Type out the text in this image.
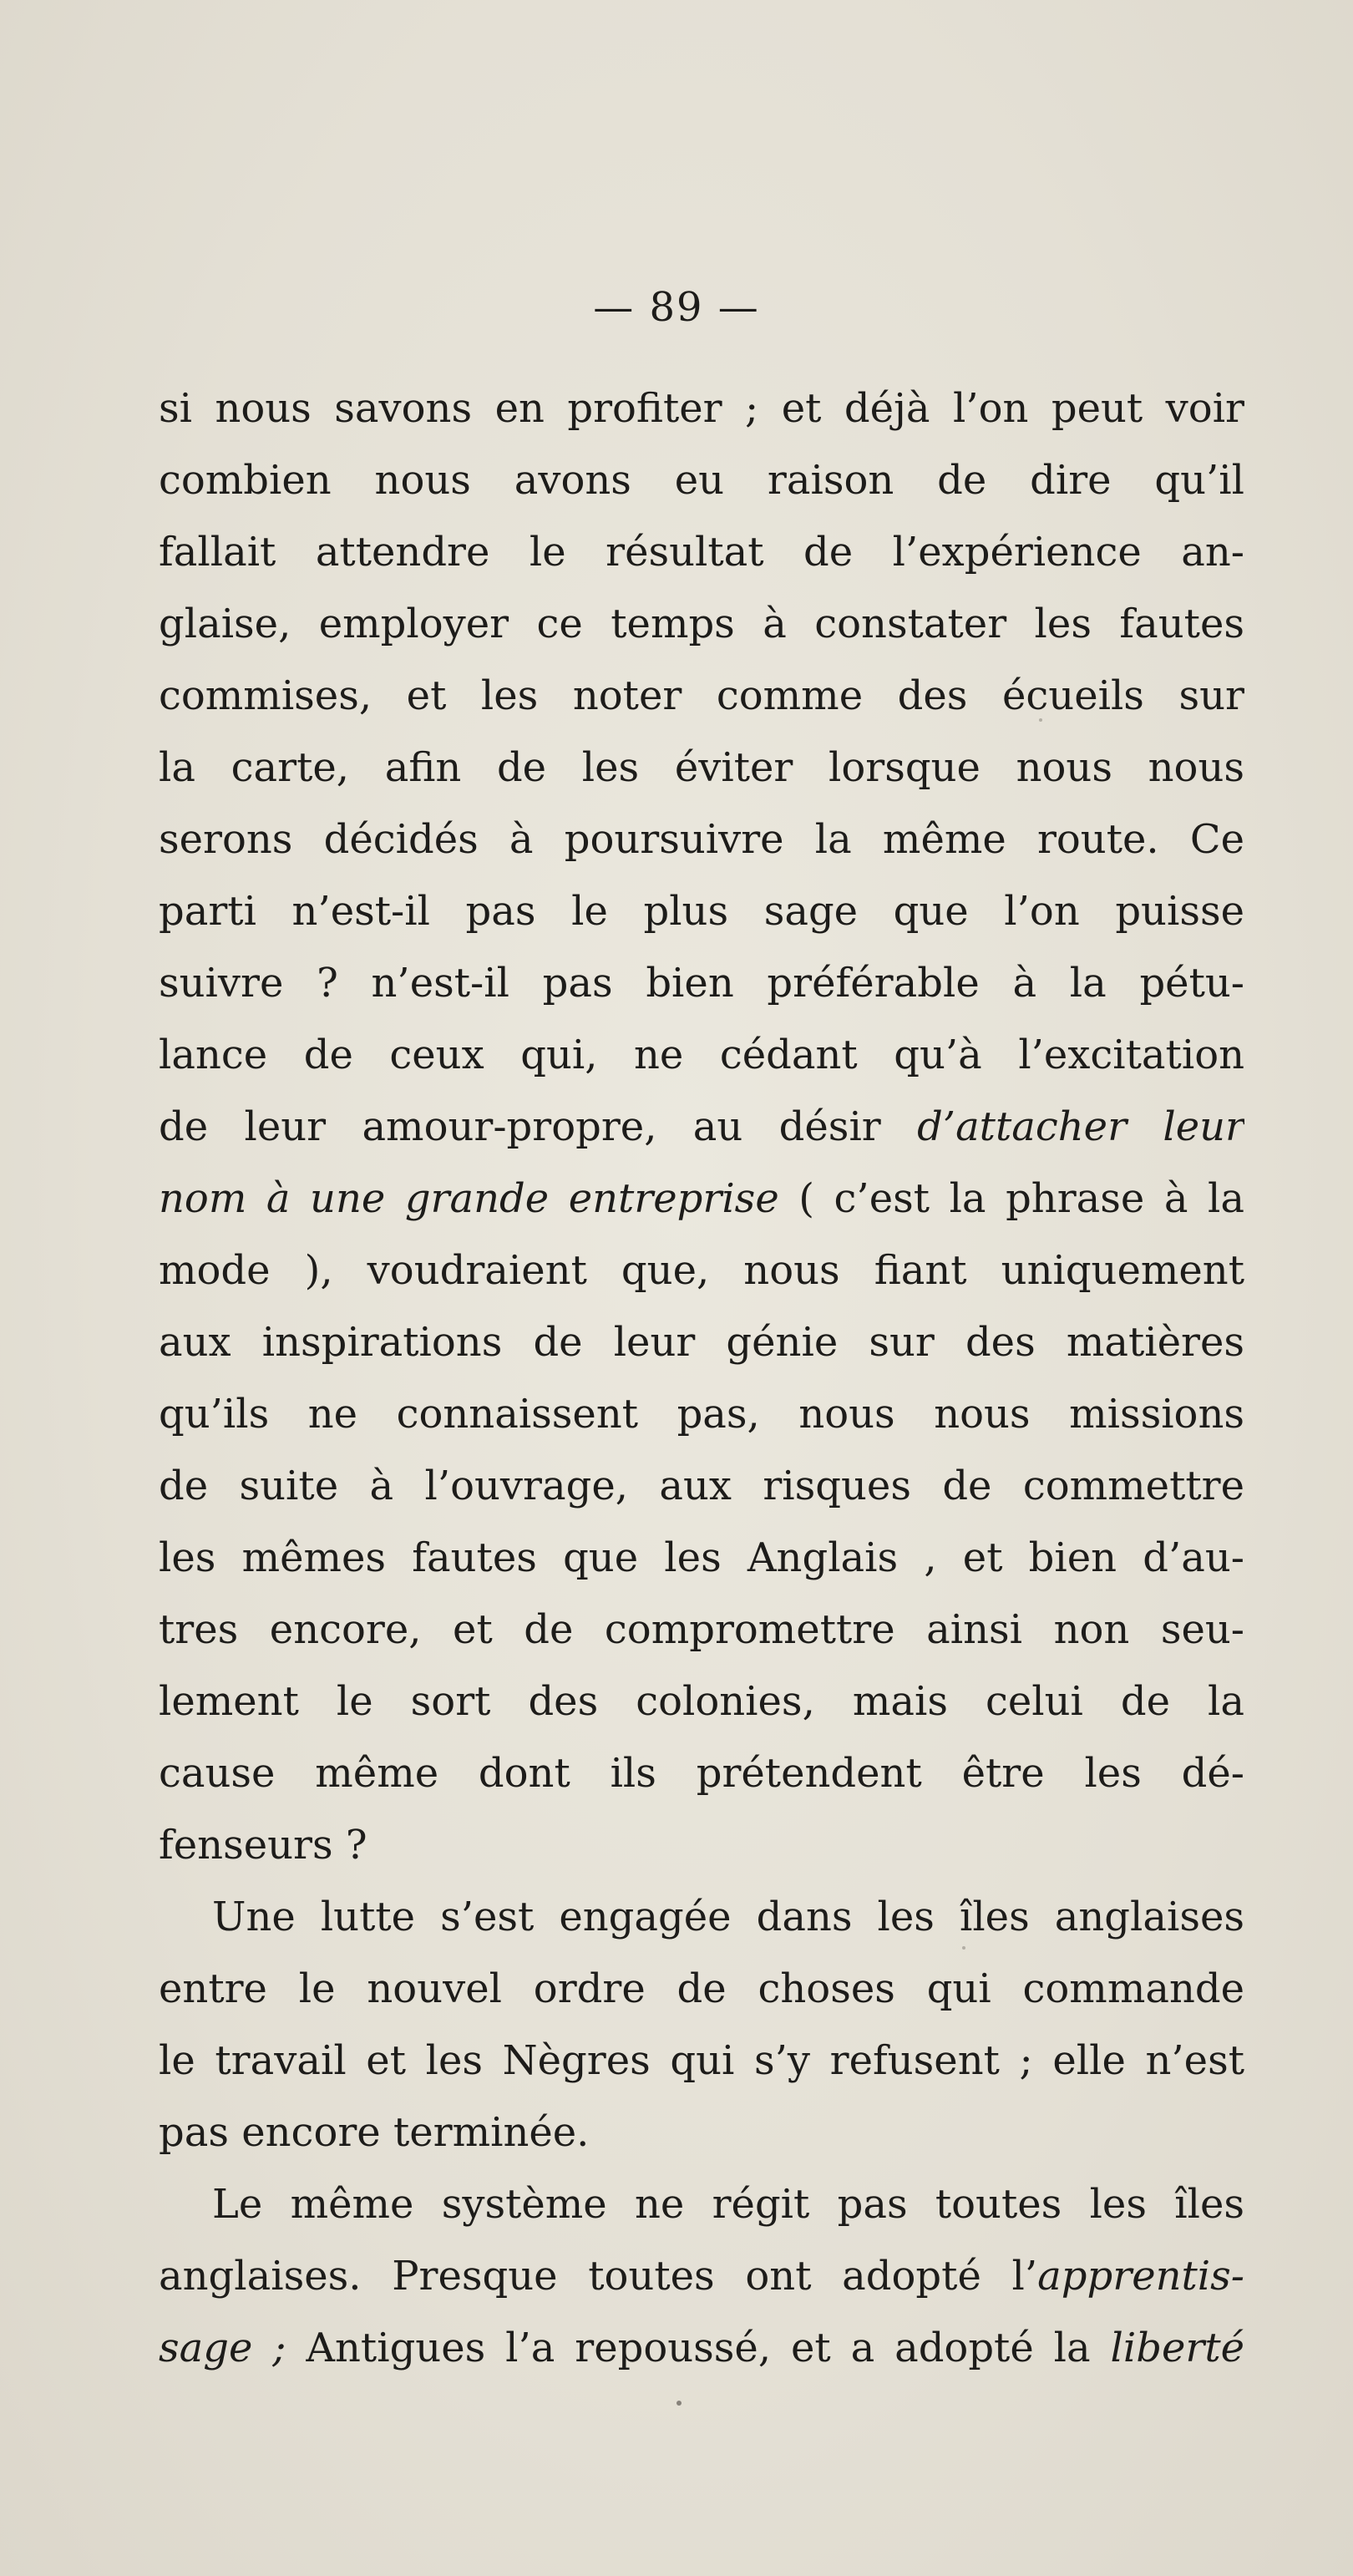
— 89 —
si nous savons en profiter ; et déjà l’on peut voir
combien nous avons eu raison de dire qu’il
fallait attendre le résultat de l’expérience an-
glaise, employer ce temps à constater les fautes
commises, et les noter comme des écueils sur
la carte, afin de les éviter lorsque nous nous
serons décidés à poursuivre la même route. Ce
parti n’est-il pas le plus sage que l’on puisse
suivre ? n’est-il pas bien préférable à la pétu-
lance de ceux qui, ne cédant qu’à l’excitation
de leur amour-propre, au désir d’attacher leur
nom à une grande entreprise ( c’est la phrase à la
mode ), voudraient que, nous fiant uniquement
aux inspirations de leur génie sur des matières
qu’ils ne connaissent pas, nous nous missions
de suite à l’ouvrage, aux risques de commettre
les mêmes fautes que les Anglais , et bien d’au-
tres encore, et de compromettre ainsi non seu-
lement le sort des colonies, mais celui de la
cause même dont ils prétendent être les dé-
fenseurs ?
Une lutte s’est engagée dans les îles anglaises
entre le nouvel ordre de choses qui commande
le travail et les Nègres qui s’y refusent ; elle n’est
pas encore terminée.
Le même système ne régit pas toutes les îles
anglaises. Presque toutes ont adopté l’apprentis-
sage ; Antigues l’a repoussé, et a adopté la liberté
